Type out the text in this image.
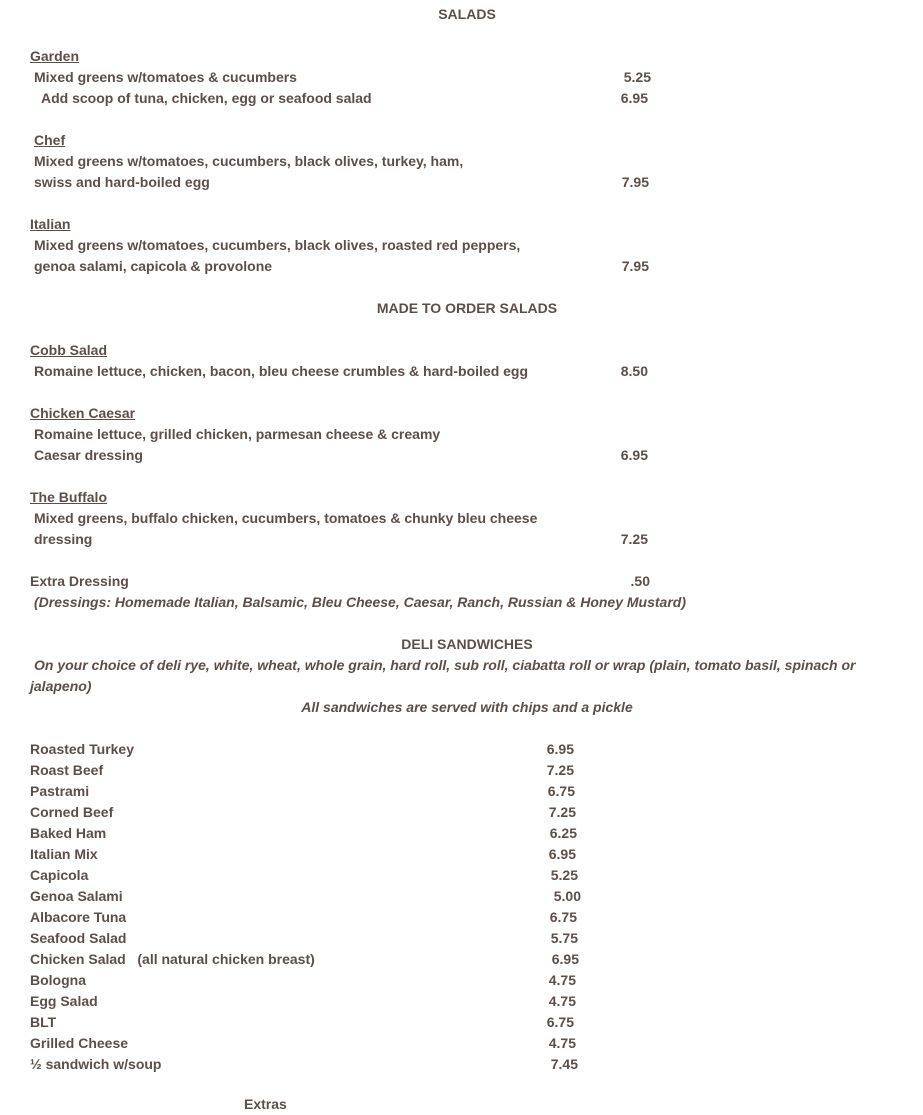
SALADS
Garden
Mixed greens w/tomatoes & cucumbers	5.25
Add scoop of tuna, chicken, egg or seafood salad	6.95
Chef
Mixed greens w/tomatoes, cucumbers, black olives, turkey, ham,
swiss and hard-boiled egg	7.95
Italian
Mixed greens w/tomatoes, cucumbers, black olives, roasted red peppers,
genoa salami, capicola & provolone	7.95
MADE TO ORDER SALADS
Cobb Salad
Romaine lettuce, chicken, bacon, bleu cheese crumbles & hard-boiled egg	8.50
Chicken Caesar
Romaine lettuce, grilled chicken, parmesan cheese & creamy
Caesar dressing	6.95
The Buffalo
Mixed greens, buffalo chicken, cucumbers, tomatoes & chunky bleu cheese
dressing	7.25
Extra Dressing	.50
(Dressings: Homemade Italian, Balsamic, Bleu Cheese, Caesar, Ranch, Russian & Honey Mustard)
DELI SANDWICHES
On your choice of deli rye, white, wheat, whole grain, hard roll, sub roll, ciabatta roll or wrap (plain, tomato basil, spinach or
jalapeno)
All sandwiches are served with chips and a pickle
Roasted Turkey	6.95
Roast Beef	7.25
Pastrami	6.75
Corned Beef	7.25
Baked Ham	6.25
Italian Mix	6.95
Capicola	5.25
Genoa Salami	5.00
Albacore Tuna	6.75
Seafood Salad	5.75
Chicken Salad   (all natural chicken breast)	6.95
Bologna	4.75
Egg Salad	4.75
BLT	6.75
Grilled Cheese	4.75
½ sandwich w/soup	7.45
Extras
